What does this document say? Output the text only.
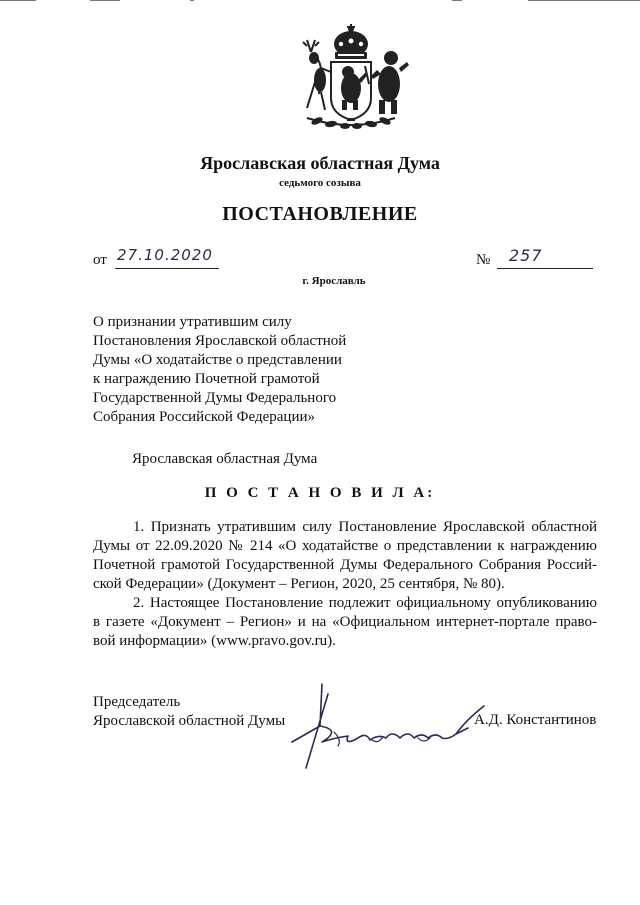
Ярославская областная Дума
седьмого созыва
ПОСТАНОВЛЕНИЕ
от 27.10.2020	№ 257
г. Ярославль
О признании утратившим силу
Постановления Ярославской областной
Думы «О ходатайстве о представлении
к награждению Почетной грамотой
Государственной Думы Федерального
Собрания Российской Федерации»
Ярославская областная Дума
П О С Т А Н О В И Л А:
1. Признать утратившим силу Постановление Ярославской областной
Думы от 22.09.2020 № 214 «О ходатайстве о представлении к награждению
Почетной грамотой Государственной Думы Федерального Собрания Россий-
ской Федерации» (Документ – Регион, 2020, 25 сентября, № 80).
2. Настоящее Постановление подлежит официальному опубликованию
в газете «Документ – Регион» и на «Официальном интернет-портале право-
вой информации» (www.pravo.gov.ru).
Председатель
Ярославской областной Думы	А.Д. Константинов
